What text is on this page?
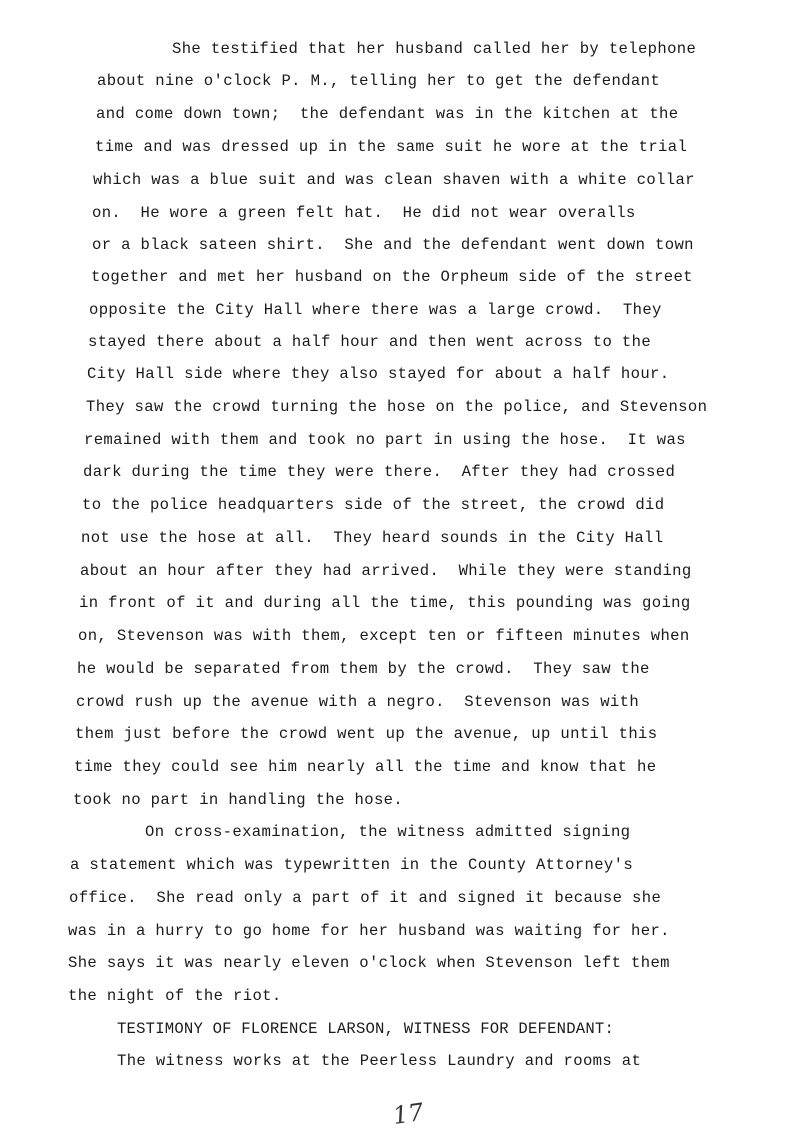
She testified that her husband called her by telephone
about nine o'clock P. M., telling her to get the defendant
and come down town;  the defendant was in the kitchen at the
time and was dressed up in the same suit he wore at the trial
which was a blue suit and was clean shaven with a white collar
on.  He wore a green felt hat.  He did not wear overalls
or a black sateen shirt.  She and the defendant went down town
together and met her husband on the Orpheum side of the street
opposite the City Hall where there was a large crowd.  They
stayed there about a half hour and then went across to the
City Hall side where they also stayed for about a half hour.
They saw the crowd turning the hose on the police, and Stevenson
remained with them and took no part in using the hose.  It was
dark during the time they were there.  After they had crossed
to the police headquarters side of the street, the crowd did
not use the hose at all.  They heard sounds in the City Hall
about an hour after they had arrived.  While they were standing
in front of it and during all the time, this pounding was going
on, Stevenson was with them, except ten or fifteen minutes when
he would be separated from them by the crowd.  They saw the
crowd rush up the avenue with a negro.  Stevenson was with
them just before the crowd went up the avenue, up until this
time they could see him nearly all the time and know that he
took no part in handling the hose.
On cross-examination, the witness admitted signing
a statement which was typewritten in the County Attorney's
office.  She read only a part of it and signed it because she
was in a hurry to go home for her husband was waiting for her.
She says it was nearly eleven o'clock when Stevenson left them
the night of the riot.
TESTIMONY OF FLORENCE LARSON, WITNESS FOR DEFENDANT:
The witness works at the Peerless Laundry and rooms at
17
